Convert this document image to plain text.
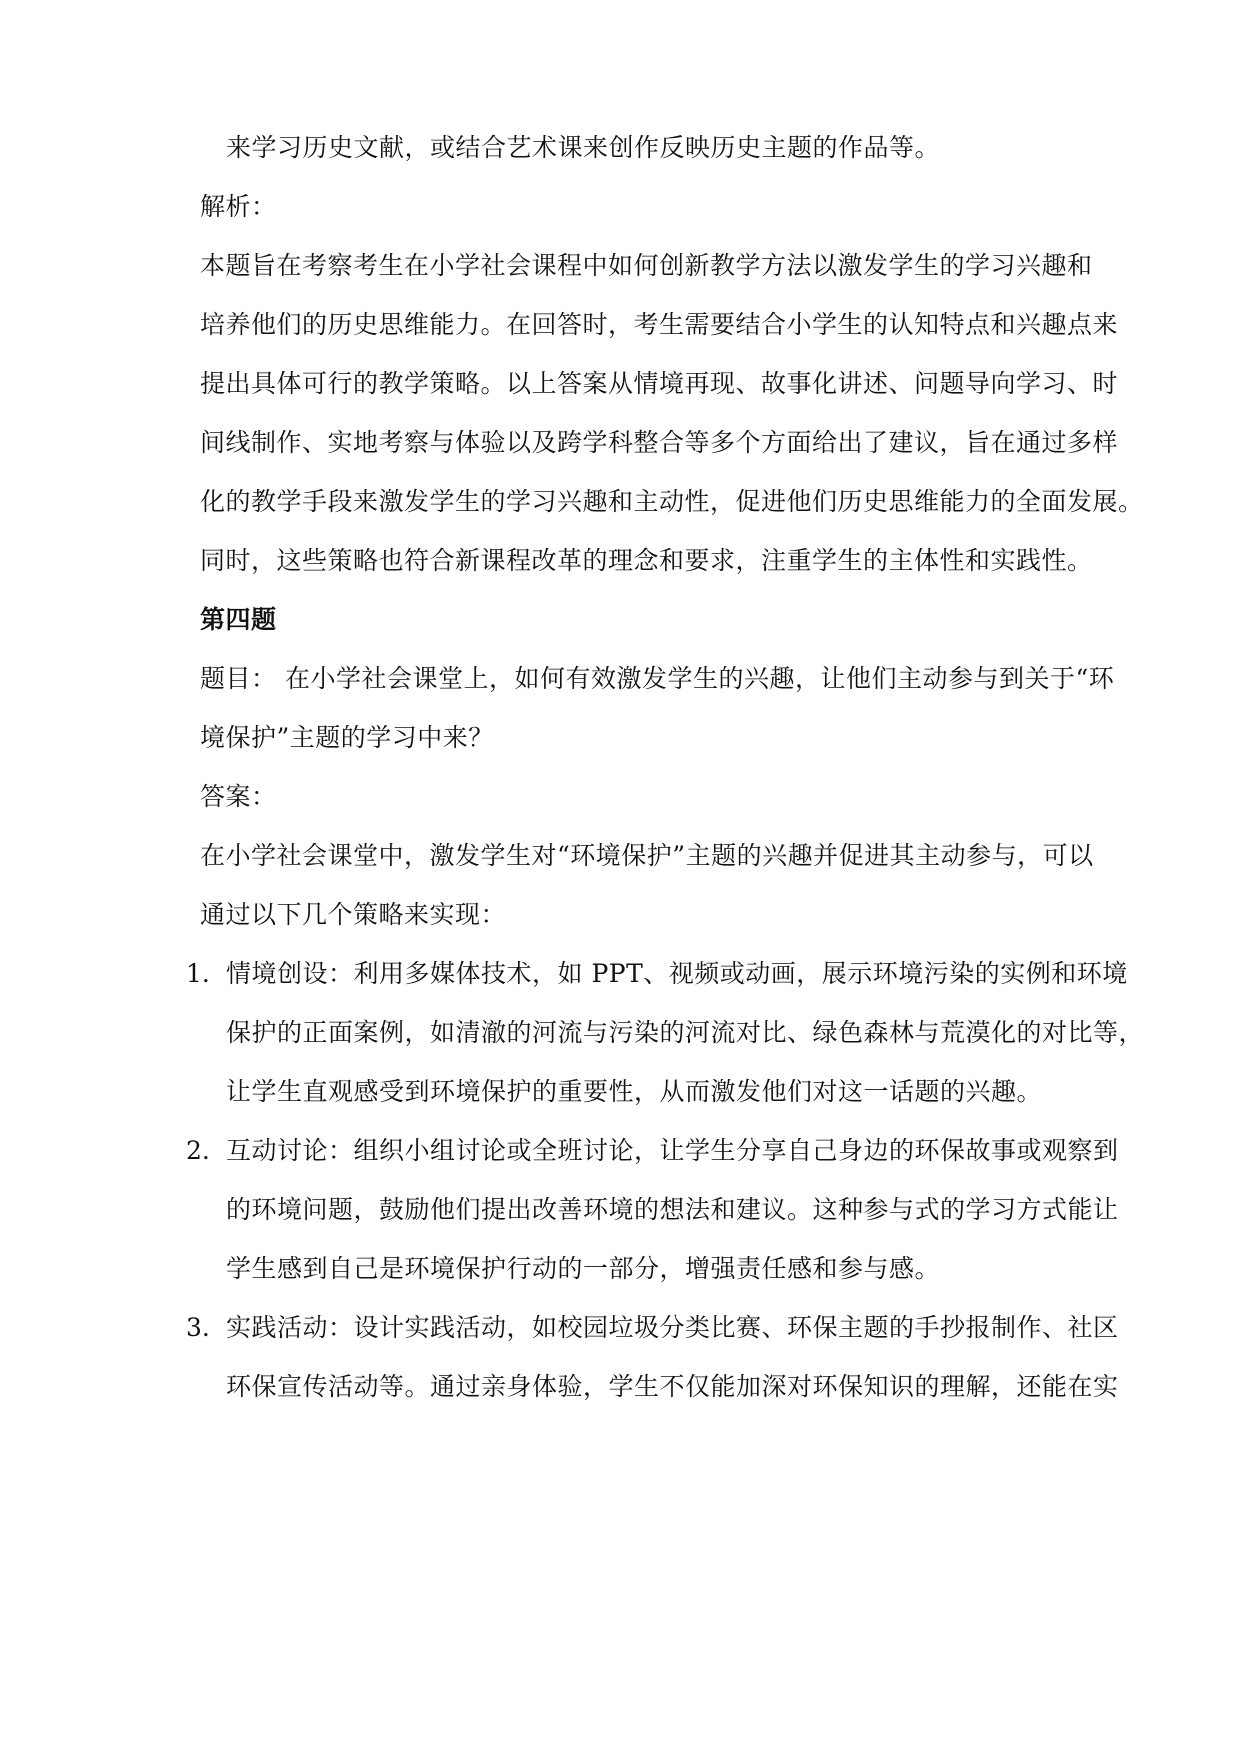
来学习历史文献，或结合艺术课来创作反映历史主题的作品等。
解析：
本题旨在考察考生在小学社会课程中如何创新教学方法以激发学生的学习兴趣和
培养他们的历史思维能力。在回答时，考生需要结合小学生的认知特点和兴趣点来
提出具体可行的教学策略。以上答案从情境再现、故事化讲述、问题导向学习、时
间线制作、实地考察与体验以及跨学科整合等多个方面给出了建议，旨在通过多样
化的教学手段来激发学生的学习兴趣和主动性，促进他们历史思维能力的全面发展。
同时，这些策略也符合新课程改革的理念和要求，注重学生的主体性和实践性。
第四题
题目： 在小学社会课堂上，如何有效激发学生的兴趣，让他们主动参与到关于“环
境保护”主题的学习中来？
答案：
在小学社会课堂中，激发学生对“环境保护”主题的兴趣并促进其主动参与，可以
通过以下几个策略来实现：
1. 情境创设：利用多媒体技术，如 PPT、视频或动画，展示环境污染的实例和环境
保护的正面案例，如清澈的河流与污染的河流对比、绿色森林与荒漠化的对比等，
让学生直观感受到环境保护的重要性，从而激发他们对这一话题的兴趣。
2. 互动讨论：组织小组讨论或全班讨论，让学生分享自己身边的环保故事或观察到
的环境问题，鼓励他们提出改善环境的想法和建议。这种参与式的学习方式能让
学生感到自己是环境保护行动的一部分，增强责任感和参与感。
3. 实践活动：设计实践活动，如校园垃圾分类比赛、环保主题的手抄报制作、社区
环保宣传活动等。通过亲身体验，学生不仅能加深对环保知识的理解，还能在实
